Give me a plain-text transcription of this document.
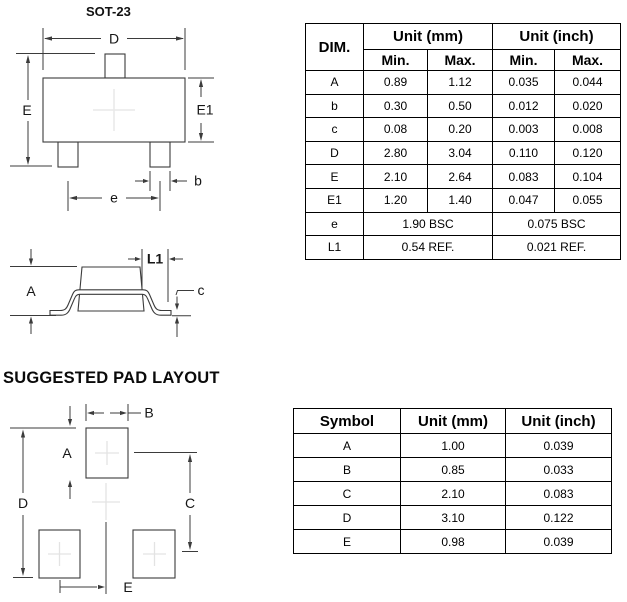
SOT-23
D
E	E1
e
b
A
L1
c
SUGGESTED PAD LAYOUT
B
A
D	C
E
DIM.	Unit (mm)		Unit (inch)	
	Min.	Max.	Min.	Max.
A	0.89	1.12	0.035	0.044
b	0.30	0.50	0.012	0.020
c	0.08	0.20	0.003	0.008
D	2.80	3.04	0.110	0.120
E	2.10	2.64	0.083	0.104
E1	1.20	1.40	0.047	0.055
e	1.90 BSC		0.075 BSC	
L1	0.54 REF.		0.021 REF.	
Symbol	Unit (mm)	Unit (inch)
A	1.00	0.039
B	0.85	0.033
C	2.10	0.083
D	3.10	0.122
E	0.98	0.039
